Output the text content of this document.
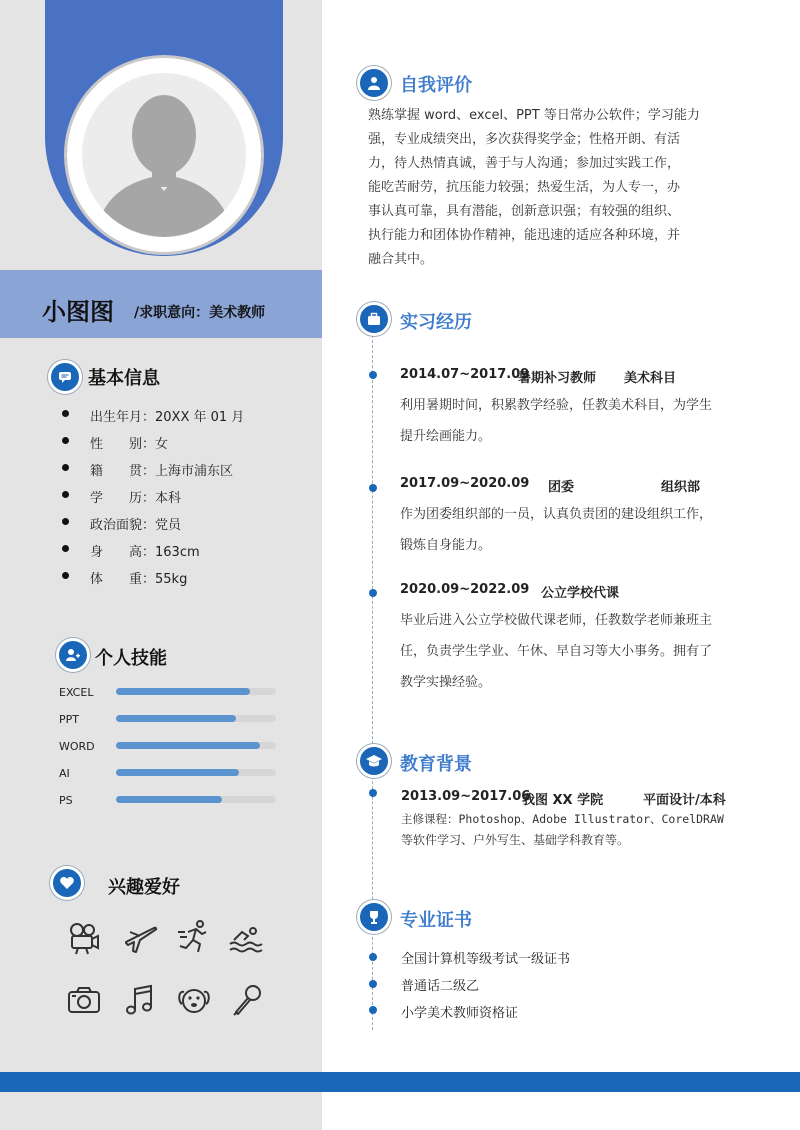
小图图 /求职意向：美术教师
基本信息
出生年月：20XX 年 01 月
性　　别：女
籍　　贯：上海市浦东区
学　　历：本科
政治面貌：党员
身　　高：163cm
体　　重：55kg
个人技能
EXCEL
PPT
WORD
AI
PS
兴趣爱好
自我评价
熟练掌握 word、excel、PPT 等日常办公软件；学习能力
强，专业成绩突出，多次获得奖学金；性格开朗、有活
力，待人热情真诚，善于与人沟通；参加过实践工作，
能吃苦耐劳，抗压能力较强；热爱生活，为人专一，办
事认真可靠，具有潜能，创新意识强；有较强的组织、
执行能力和团体协作精神，能迅速的适应各种环境，并
融合其中。
实习经历
2014.07~2017.09
暑期补习教师 美术科目
利用暑期时间，积累教学经验，任教美术科目，为学生
提升绘画能力。
2017.09~2020.09 团委	组织部
作为团委组织部的一员，认真负责团的建设组织工作，
锻炼自身能力。
2020.09~2022.09 公立学校代课
毕业后进入公立学校做代课老师，任教数学老师兼班主
任，负责学生学业、午休、早自习等大小事务。拥有了
教学实操经验。
教育背景
2013.09~2017.06
我图 XX 学院	平面设计/本科
主修课程：Photoshop、Adobe Illustrator、CorelDRAW
等软件学习、户外写生、基础学科教育等。
专业证书
全国计算机等级考试一级证书
普通话二级乙
小学美术教师资格证
